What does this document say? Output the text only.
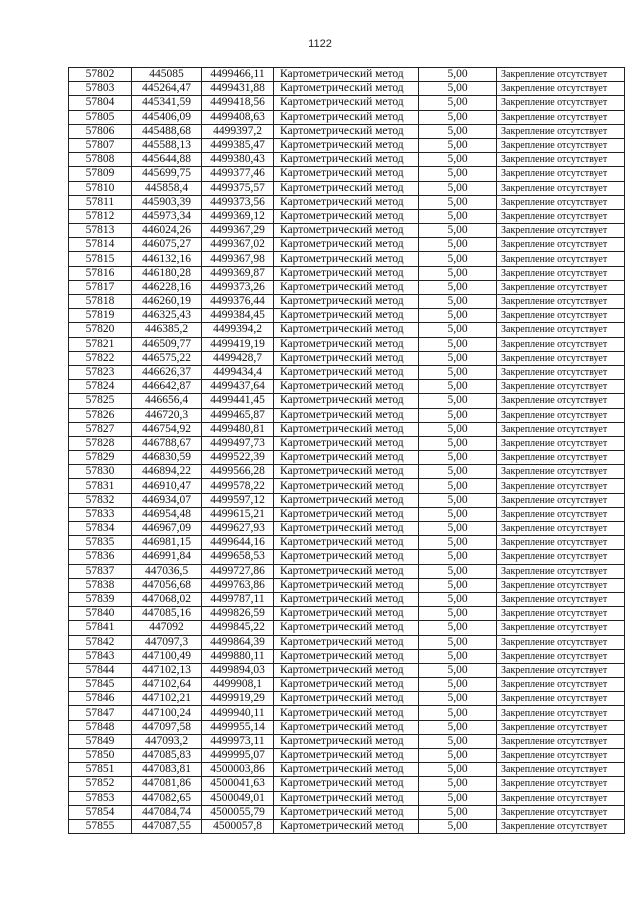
1122
57802	445085	4499466,11	Картометрический метод	5,00	Закрепление отсутствует
57803	445264,47	4499431,88	Картометрический метод	5,00	Закрепление отсутствует
57804	445341,59	4499418,56	Картометрический метод	5,00	Закрепление отсутствует
57805	445406,09	4499408,63	Картометрический метод	5,00	Закрепление отсутствует
57806	445488,68	4499397,2	Картометрический метод	5,00	Закрепление отсутствует
57807	445588,13	4499385,47	Картометрический метод	5,00	Закрепление отсутствует
57808	445644,88	4499380,43	Картометрический метод	5,00	Закрепление отсутствует
57809	445699,75	4499377,46	Картометрический метод	5,00	Закрепление отсутствует
57810	445858,4	4499375,57	Картометрический метод	5,00	Закрепление отсутствует
57811	445903,39	4499373,56	Картометрический метод	5,00	Закрепление отсутствует
57812	445973,34	4499369,12	Картометрический метод	5,00	Закрепление отсутствует
57813	446024,26	4499367,29	Картометрический метод	5,00	Закрепление отсутствует
57814	446075,27	4499367,02	Картометрический метод	5,00	Закрепление отсутствует
57815	446132,16	4499367,98	Картометрический метод	5,00	Закрепление отсутствует
57816	446180,28	4499369,87	Картометрический метод	5,00	Закрепление отсутствует
57817	446228,16	4499373,26	Картометрический метод	5,00	Закрепление отсутствует
57818	446260,19	4499376,44	Картометрический метод	5,00	Закрепление отсутствует
57819	446325,43	4499384,45	Картометрический метод	5,00	Закрепление отсутствует
57820	446385,2	4499394,2	Картометрический метод	5,00	Закрепление отсутствует
57821	446509,77	4499419,19	Картометрический метод	5,00	Закрепление отсутствует
57822	446575,22	4499428,7	Картометрический метод	5,00	Закрепление отсутствует
57823	446626,37	4499434,4	Картометрический метод	5,00	Закрепление отсутствует
57824	446642,87	4499437,64	Картометрический метод	5,00	Закрепление отсутствует
57825	446656,4	4499441,45	Картометрический метод	5,00	Закрепление отсутствует
57826	446720,3	4499465,87	Картометрический метод	5,00	Закрепление отсутствует
57827	446754,92	4499480,81	Картометрический метод	5,00	Закрепление отсутствует
57828	446788,67	4499497,73	Картометрический метод	5,00	Закрепление отсутствует
57829	446830,59	4499522,39	Картометрический метод	5,00	Закрепление отсутствует
57830	446894,22	4499566,28	Картометрический метод	5,00	Закрепление отсутствует
57831	446910,47	4499578,22	Картометрический метод	5,00	Закрепление отсутствует
57832	446934,07	4499597,12	Картометрический метод	5,00	Закрепление отсутствует
57833	446954,48	4499615,21	Картометрический метод	5,00	Закрепление отсутствует
57834	446967,09	4499627,93	Картометрический метод	5,00	Закрепление отсутствует
57835	446981,15	4499644,16	Картометрический метод	5,00	Закрепление отсутствует
57836	446991,84	4499658,53	Картометрический метод	5,00	Закрепление отсутствует
57837	447036,5	4499727,86	Картометрический метод	5,00	Закрепление отсутствует
57838	447056,68	4499763,86	Картометрический метод	5,00	Закрепление отсутствует
57839	447068,02	4499787,11	Картометрический метод	5,00	Закрепление отсутствует
57840	447085,16	4499826,59	Картометрический метод	5,00	Закрепление отсутствует
57841	447092	4499845,22	Картометрический метод	5,00	Закрепление отсутствует
57842	447097,3	4499864,39	Картометрический метод	5,00	Закрепление отсутствует
57843	447100,49	4499880,11	Картометрический метод	5,00	Закрепление отсутствует
57844	447102,13	4499894,03	Картометрический метод	5,00	Закрепление отсутствует
57845	447102,64	4499908,1	Картометрический метод	5,00	Закрепление отсутствует
57846	447102,21	4499919,29	Картометрический метод	5,00	Закрепление отсутствует
57847	447100,24	4499940,11	Картометрический метод	5,00	Закрепление отсутствует
57848	447097,58	4499955,14	Картометрический метод	5,00	Закрепление отсутствует
57849	447093,2	4499973,11	Картометрический метод	5,00	Закрепление отсутствует
57850	447085,83	4499995,07	Картометрический метод	5,00	Закрепление отсутствует
57851	447083,81	4500003,86	Картометрический метод	5,00	Закрепление отсутствует
57852	447081,86	4500041,63	Картометрический метод	5,00	Закрепление отсутствует
57853	447082,65	4500049,01	Картометрический метод	5,00	Закрепление отсутствует
57854	447084,74	4500055,79	Картометрический метод	5,00	Закрепление отсутствует
57855	447087,55	4500057,8	Картометрический метод	5,00	Закрепление отсутствует
